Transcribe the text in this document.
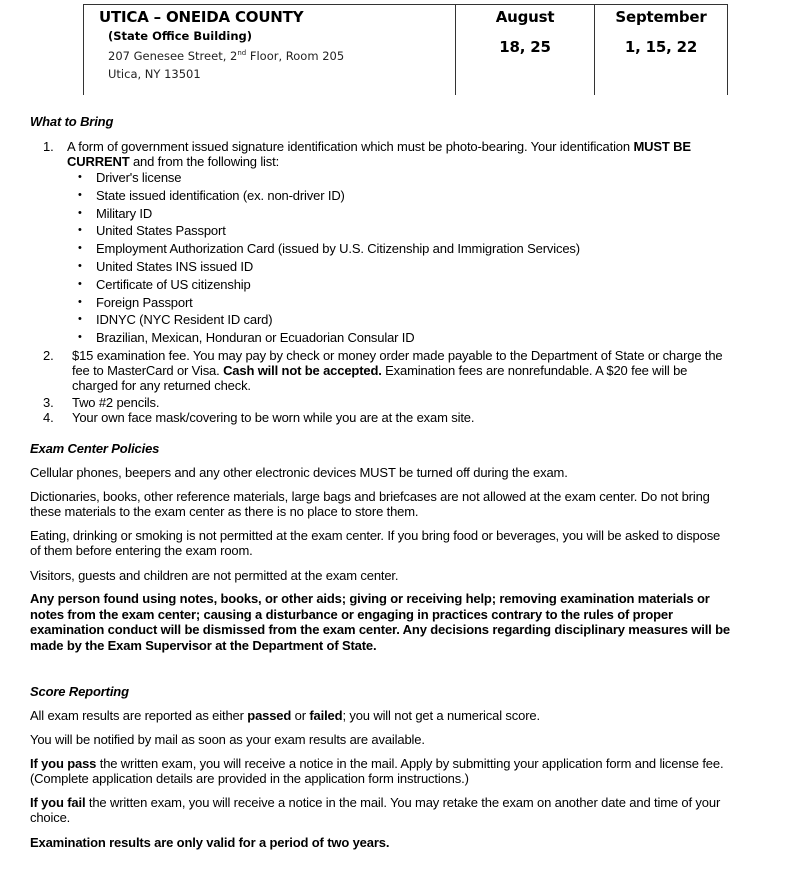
UTICA – ONEIDA COUNTY
(State Office Building)
207 Genesee Street, 2nd Floor, Room 205
Utica, NY 13501
August
18, 25
September
1, 15, 22
What to Bring
1. A form of government issued signature identification which must be photo-bearing. Your identification MUST BE
CURRENT and from the following list:
• Driver's license
• State issued identification (ex. non-driver ID)
• Military ID
• United States Passport
• Employment Authorization Card (issued by U.S. Citizenship and Immigration Services)
• United States INS issued ID
• Certificate of US citizenship
• Foreign Passport
• IDNYC (NYC Resident ID card)
• Brazilian, Mexican, Honduran or Ecuadorian Consular ID
2. $15 examination fee. You may pay by check or money order made payable to the Department of State or charge the
fee to MasterCard or Visa. Cash will not be accepted. Examination fees are nonrefundable. A $20 fee will be
charged for any returned check.
3. Two #2 pencils.
4. Your own face mask/covering to be worn while you are at the exam site.
Exam Center Policies
Cellular phones, beepers and any other electronic devices MUST be turned off during the exam.
Dictionaries, books, other reference materials, large bags and briefcases are not allowed at the exam center. Do not bring
these materials to the exam center as there is no place to store them.
Eating, drinking or smoking is not permitted at the exam center. If you bring food or beverages, you will be asked to dispose
of them before entering the exam room.
Visitors, guests and children are not permitted at the exam center.
Any person found using notes, books, or other aids; giving or receiving help; removing examination materials or
notes from the exam center; causing a disturbance or engaging in practices contrary to the rules of proper
examination conduct will be dismissed from the exam center. Any decisions regarding disciplinary measures will be
made by the Exam Supervisor at the Department of State.
Score Reporting
All exam results are reported as either passed or failed; you will not get a numerical score.
You will be notified by mail as soon as your exam results are available.
If you pass the written exam, you will receive a notice in the mail. Apply by submitting your application form and license fee.
(Complete application details are provided in the application form instructions.)
If you fail the written exam, you will receive a notice in the mail. You may retake the exam on another date and time of your
choice.
Examination results are only valid for a period of two years.
